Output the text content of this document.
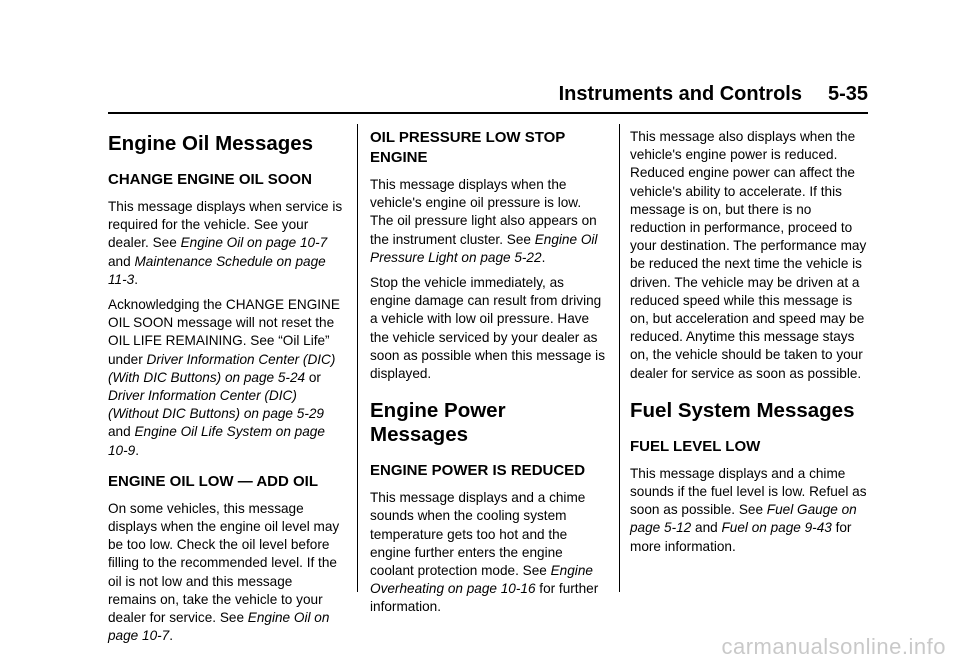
Instruments and Controls 5-35
Engine Oil Messages
CHANGE ENGINE OIL SOON

This message displays when service is required for the vehicle. See your dealer. See Engine Oil on page 10-7 and Maintenance Schedule on page 11-3.

Acknowledging the CHANGE ENGINE OIL SOON message will not reset the OIL LIFE REMAINING. See “Oil Life” under Driver Information Center (DIC) (With DIC Buttons) on page 5-24 or Driver Information Center (DIC) (Without DIC Buttons) on page 5-29 and Engine Oil Life System on page 10-9.

ENGINE OIL LOW — ADD OIL

On some vehicles, this message displays when the engine oil level may be too low. Check the oil level before filling to the recommended level. If the oil is not low and this message remains on, take the vehicle to your dealer for service. See Engine Oil on page 10-7.

OIL PRESSURE LOW STOP ENGINE

This message displays when the vehicle's engine oil pressure is low. The oil pressure light also appears on the instrument cluster. See Engine Oil Pressure Light on page 5-22.

Stop the vehicle immediately, as engine damage can result from driving a vehicle with low oil pressure. Have the vehicle serviced by your dealer as soon as possible when this message is displayed.

Engine Power Messages
ENGINE POWER IS REDUCED

This message displays and a chime sounds when the cooling system temperature gets too hot and the engine further enters the engine coolant protection mode. See Engine Overheating on page 10-16 for further information.

This message also displays when the vehicle's engine power is reduced. Reduced engine power can affect the vehicle's ability to accelerate. If this message is on, but there is no reduction in performance, proceed to your destination. The performance may be reduced the next time the vehicle is driven. The vehicle may be driven at a reduced speed while this message is on, but acceleration and speed may be reduced. Anytime this message stays on, the vehicle should be taken to your dealer for service as soon as possible.

Fuel System Messages
FUEL LEVEL LOW

This message displays and a chime sounds if the fuel level is low. Refuel as soon as possible. See Fuel Gauge on page 5-12 and Fuel on page 9-43 for more information.

carmanualsonline.info
